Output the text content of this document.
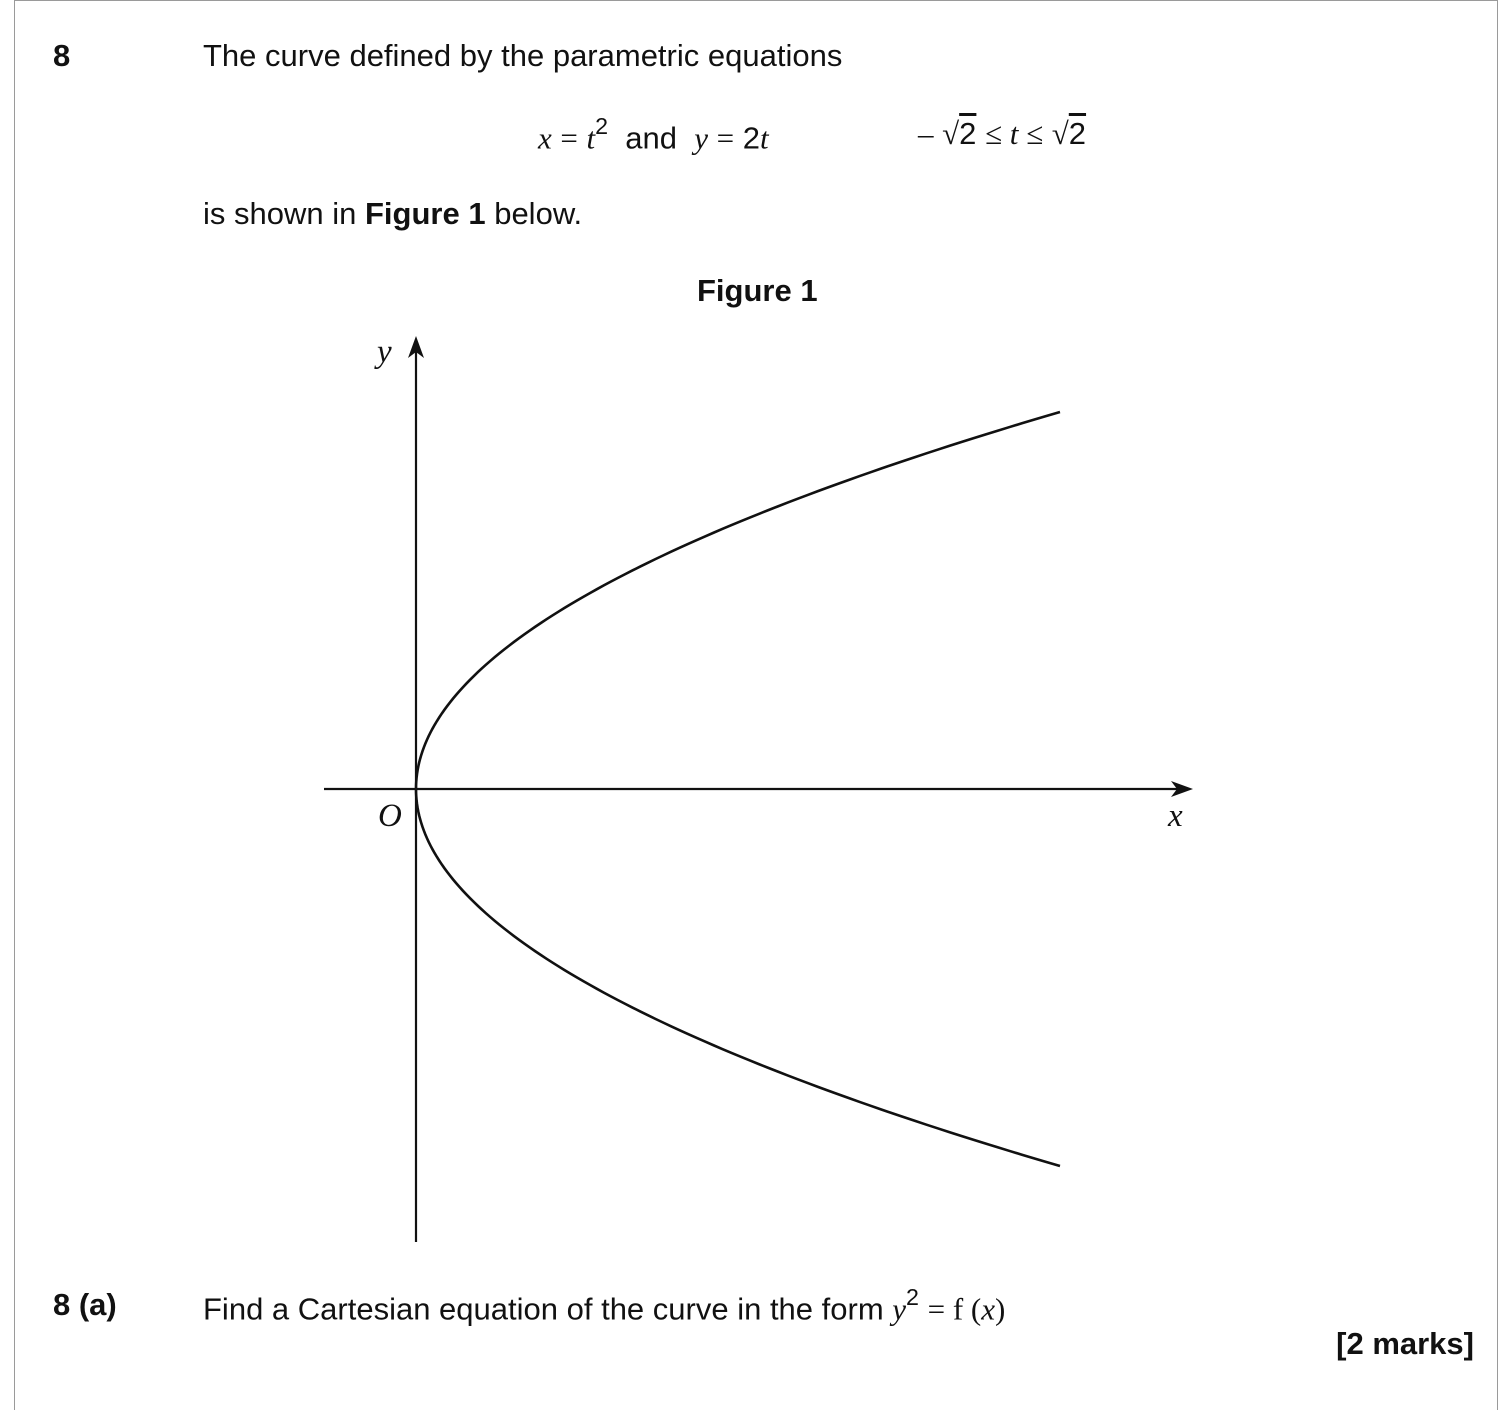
8	The curve defined by the parametric equations
$x = t^2$ and y = 2t	– √2 ≤ t ≤ √2
is shown in Figure 1 below.
Figure 1
y
x
O
8 (a)	Find a Cartesian equation of the curve in the form $y^2 = f$ (x)
[2 marks]
